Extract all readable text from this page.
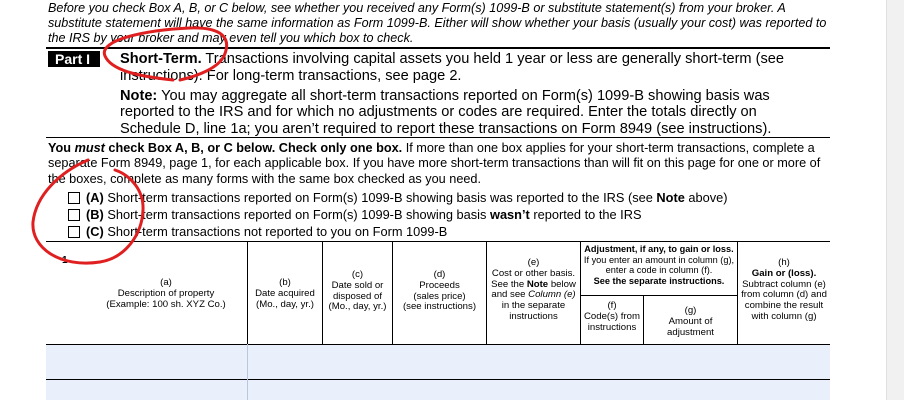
Before you check Box A, B, or C below, see whether you received any Form(s) 1099-B or substitute statement(s) from your broker. A substitute statement will have the same information as Form 1099-B. Either will show whether your basis (usually your cost) was reported to the IRS by your broker and may even tell you which box to check.
Part I	Short-Term. Transactions involving capital assets you held 1 year or less are generally short-term (see instructions). For long-term transactions, see page 2.
Note: You may aggregate all short-term transactions reported on Form(s) 1099-B showing basis was reported to the IRS and for which no adjustments or codes are required. Enter the totals directly on Schedule D, line 1a; you aren’t required to report these transactions on Form 8949 (see instructions).
You must check Box A, B, or C below. Check only one box. If more than one box applies for your short-term transactions, complete a separate Form 8949, page 1, for each applicable box. If you have more short-term transactions than will fit on this page for one or more of the boxes, complete as many forms with the same box checked as you need.
(A)
Short-term transactions reported on Form(s) 1099-B showing basis was reported to the IRS (see
Note
above)
(B)
Short-term transactions reported on Form(s) 1099-B showing basis
wasn’t
reported to the IRS
(C)
Short-term transactions not reported to you on Form 1099-B
1
(a)
Description of property
(Example: 100 sh. XYZ Co.)
(b)
Date acquired
(Mo., day, yr.)
(c)
Date sold or
disposed of
(Mo., day, yr.)
(d)
Proceeds
(sales price)
(see instructions)
(e)
Cost or other basis.
See the Note below
and see Column (e)
in the separate
instructions
Adjustment, if any, to gain or loss.
If you enter an amount in column (g),
enter a code in column (f).
See the separate instructions.
(f)
Code(s) from
instructions
(g)
Amount of
adjustment
(h)
Gain or (loss).
Subtract column (e)
from column (d) and
combine the result
with column (g)
